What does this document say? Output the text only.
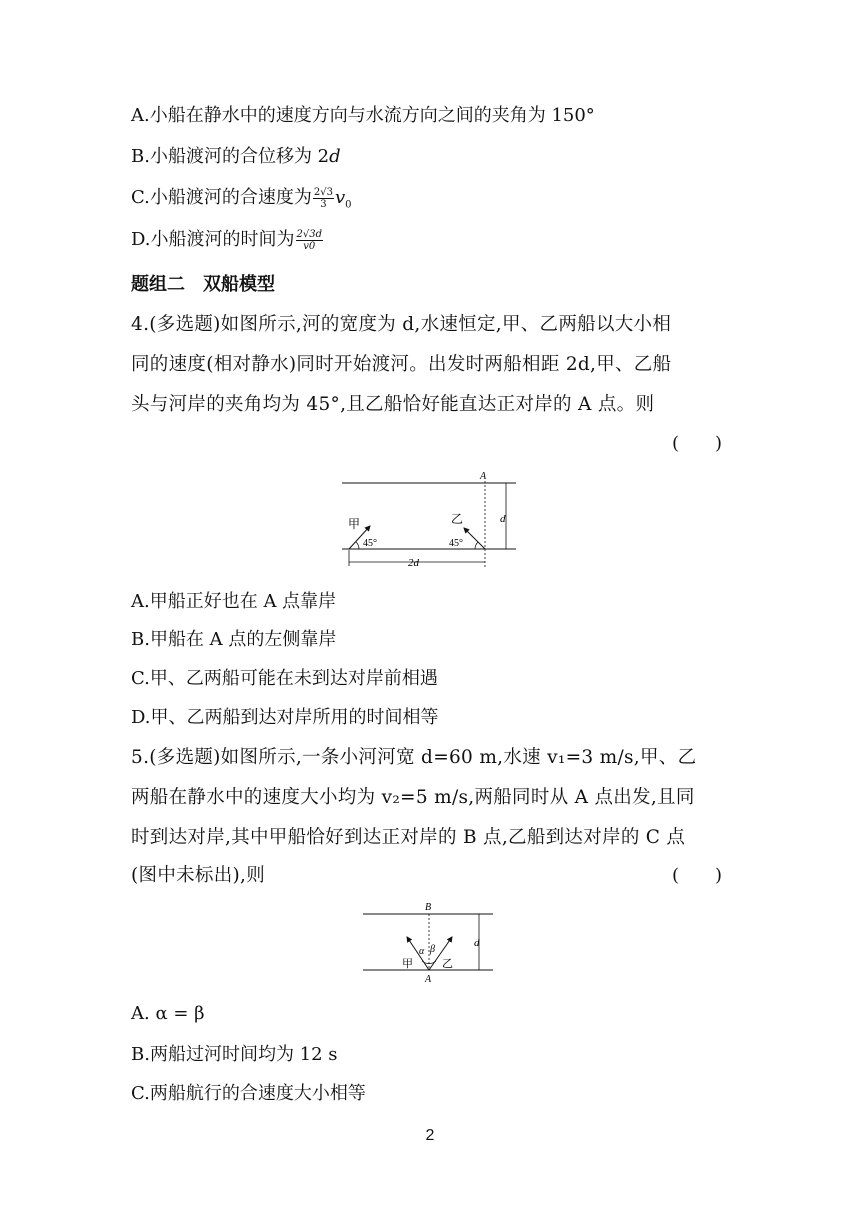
A.小船在静水中的速度方向与水流方向之间的夹角为 150°
B.小船渡河的合位移为 2d
C.小船渡河的合速度为 $\frac{2√3}{3} v_0$
D.小船渡河的时间为 $\frac{2√3d}{v0}$
题组二　双船模型
4.(多选题)如图所示,河的宽度为 d,水速恒定,甲、乙两船以大小相
同的速度(相对静水)同时开始渡河。出发时两船相距 2d,甲、乙船
头与河岸的夹角均为 45°,且乙船恰好能直达正对岸的 A 点。则
(　　)
A
d
甲
45°
乙
45°
2d
A.甲船正好也在 A 点靠岸
B.甲船在 A 点的左侧靠岸
C.甲、乙两船可能在未到达对岸前相遇
D.甲、乙两船到达对岸所用的时间相等
5.(多选题)如图所示,一条小河河宽 d=60 m,水速 v₁=3 m/s,甲、乙
两船在静水中的速度大小均为 v₂=5 m/s,两船同时从 A 点出发,且同
时到达对岸,其中甲船恰好到达正对岸的 B 点,乙船到达对岸的 C 点
(图中未标出),则	(　　)
B
d
α β
甲	乙
A
A. α = β
B.两船过河时间均为 12 s
C.两船航行的合速度大小相等
2
